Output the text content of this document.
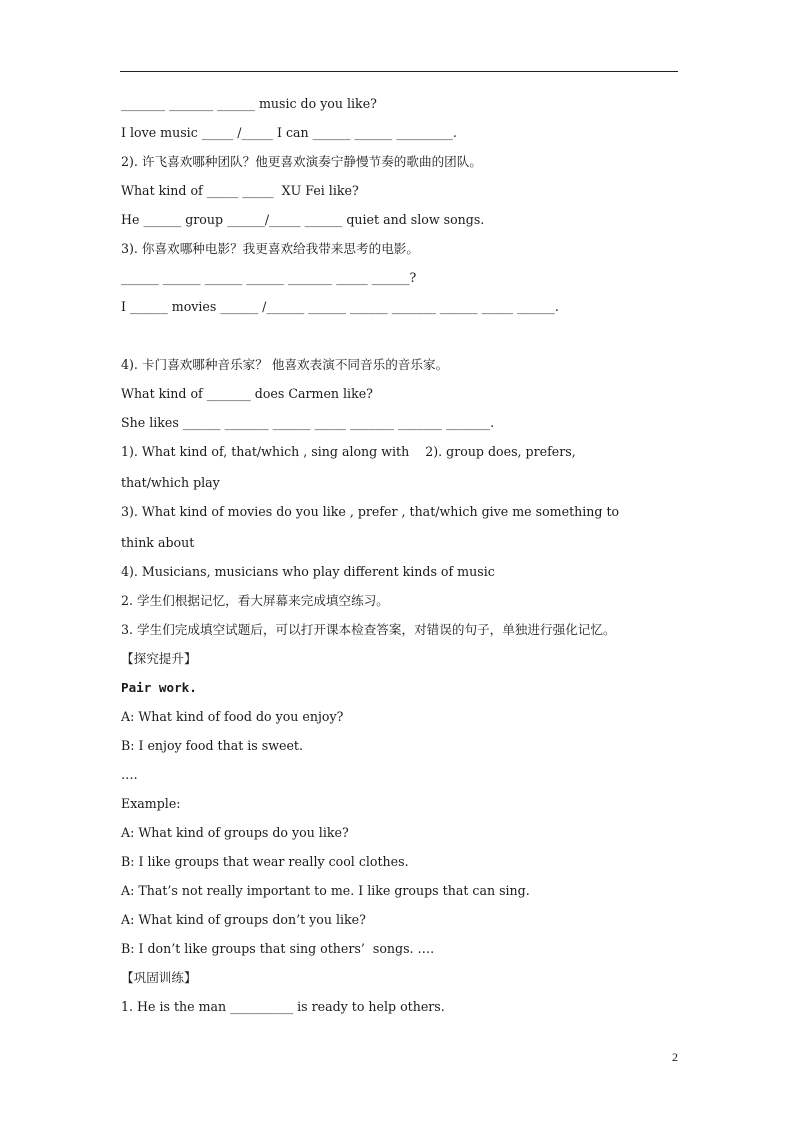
_______ _______ ______ music do you like?

I love music _____ /_____ I can ______ ______ _________.

2). 许飞喜欢哪种团队？他更喜欢演奏宁静慢节奏的歌曲的团队。

What kind of _____ _____  XU Fei like?

He ______ group ______/_____ ______ quiet and slow songs.

3). 你喜欢哪种电影？我更喜欢给我带来思考的电影。

______ ______ ______ ______ _______ _____ ______?

I ______ movies ______ /______ ______ ______ _______ ______ _____ ______.

4). 卡门喜欢哪种音乐家？ 他喜欢表演不同音乐的音乐家。

What kind of _______ does Carmen like?

She likes ______ _______ ______ _____ _______ _______ _______.

1). What kind of, that/which , sing along with    2). group does, prefers,

that/which play

3). What kind of movies do you like , prefer , that/which give me something to

think about

4). Musicians, musicians who play different kinds of music

2. 学生们根据记忆，看大屏幕来完成填空练习。

3. 学生们完成填空试题后，可以打开课本检查答案，对错误的句子，单独进行强化记忆。

【探究提升】

Pair work.

A: What kind of food do you enjoy?

B: I enjoy food that is sweet.

….

Example:

A: What kind of groups do you like?

B: I like groups that wear really cool clothes.

A: That’s not really important to me. I like groups that can sing.

A: What kind of groups don’t you like?

B: I don’t like groups that sing others’  songs. ….

【巩固训练】

1. He is the man __________ is ready to help others.

2
